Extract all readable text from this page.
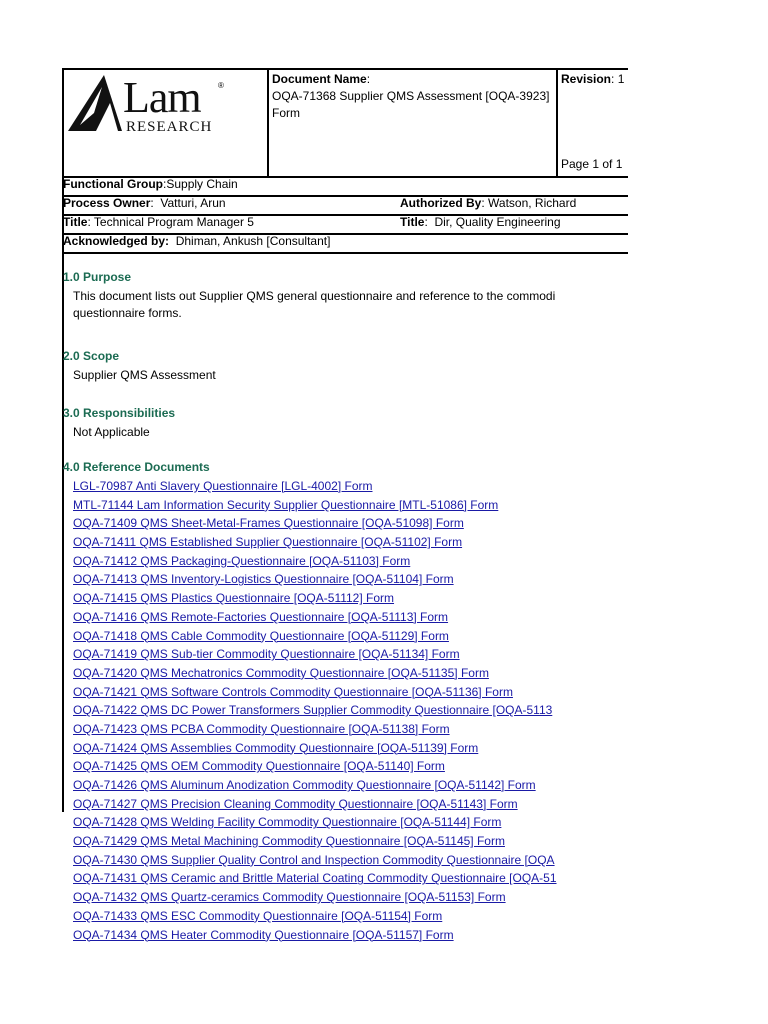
Lam ®
RESEARCH
Document Name:
OQA-71368 Supplier QMS Assessment [OQA-3923] Form
Revision: 1
Page 1 of 1
Functional Group:Supply Chain
Process Owner:  Vatturi, Arun	Authorized By: Watson, Richard
Title: Technical Program Manager 5	Title:  Dir, Quality Engineering
Acknowledged by: Dhiman, Ankush [Consultant]
1.0 Purpose
This document lists out Supplier QMS general questionnaire and reference to the commodi
questionnaire forms.
2.0 Scope
Supplier QMS Assessment
3.0 Responsibilities
Not Applicable
4.0 Reference Documents
LGL-70987 Anti Slavery Questionnaire [LGL-4002] Form
MTL-71144 Lam Information Security Supplier Questionnaire [MTL-51086] Form
OQA-71409 QMS Sheet-Metal-Frames Questionnaire [OQA-51098] Form
OQA-71411 QMS Established Supplier Questionnaire [OQA-51102] Form
OQA-71412 QMS Packaging-Questionnaire [OQA-51103] Form
OQA-71413 QMS Inventory-Logistics Questionnaire [OQA-51104] Form
OQA-71415 QMS Plastics Questionnaire [OQA-51112] Form
OQA-71416 QMS Remote-Factories Questionnaire [OQA-51113] Form
OQA-71418 QMS Cable Commodity Questionnaire [OQA-51129] Form
OQA-71419 QMS Sub-tier Commodity Questionnaire [OQA-51134] Form
OQA-71420 QMS Mechatronics Commodity Questionnaire [OQA-51135] Form
OQA-71421 QMS Software Controls Commodity Questionnaire [OQA-51136] Form
OQA-71422 QMS DC Power Transformers Supplier Commodity Questionnaire [OQA-5113
OQA-71423 QMS PCBA Commodity Questionnaire [OQA-51138] Form
OQA-71424 QMS Assemblies Commodity Questionnaire [OQA-51139] Form
OQA-71425 QMS OEM Commodity Questionnaire [OQA-51140] Form
OQA-71426 QMS Aluminum Anodization Commodity Questionnaire [OQA-51142] Form
OQA-71427 QMS Precision Cleaning Commodity Questionnaire [OQA-51143] Form
OQA-71428 QMS Welding Facility Commodity Questionnaire [OQA-51144] Form
OQA-71429 QMS Metal Machining Commodity Questionnaire [OQA-51145] Form
OQA-71430 QMS Supplier Quality Control and Inspection Commodity Questionnaire [OQA
OQA-71431 QMS Ceramic and Brittle Material Coating Commodity Questionnaire [OQA-51
OQA-71432 QMS Quartz-ceramics Commodity Questionnaire [OQA-51153] Form
OQA-71433 QMS ESC Commodity Questionnaire [OQA-51154] Form
OQA-71434 QMS Heater Commodity Questionnaire [OQA-51157] Form
